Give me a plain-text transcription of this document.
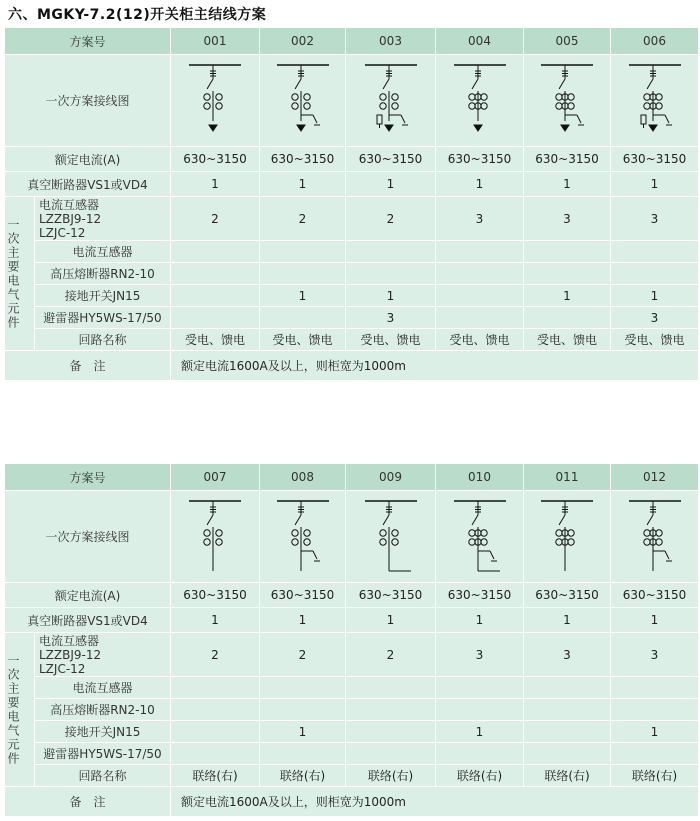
六、MGKY-7.2(12)开关柜主结线方案
方案号		001	002	003	004	005	006
一次方案接线图	

额定电流(A)		630~3150	630~3150	630~3150	630~3150	630~3150	630~3150
真空断路器VS1或VD4		1	1	1	1	1	1

一次主要电气元件	电流互感器
LZZBJ9-12
LZJC-12	2	2	2	3	3	3
	电流互感器						
	高压熔断器RN2-10						
	接地开关JN15		1	1		1	1
	避雷器HY5WS-17/50			3			3
	回路名称	受电、馈电	受电、馈电	受电、馈电	受电、馈电	受电、馈电	受电、馈电
备　注		额定电流1600A及以上，则柜宽为1000m					
方案号		007	008	009	010	011	012
一次方案接线图	

额定电流(A)		630~3150	630~3150	630~3150	630~3150	630~3150	630~3150
真空断路器VS1或VD4		1	1	1	1	1	1

一次主要电气元件	电流互感器
LZZBJ9-12
LZJC-12	2	2	2	3	3	3
	电流互感器						
	高压熔断器RN2-10						
	接地开关JN15		1		1		1
	避雷器HY5WS-17/50						
	回路名称	联络(右)	联络(右)	联络(右)	联络(右)	联络(右)	联络(右)
备　注		额定电流1600A及以上，则柜宽为1000m					
